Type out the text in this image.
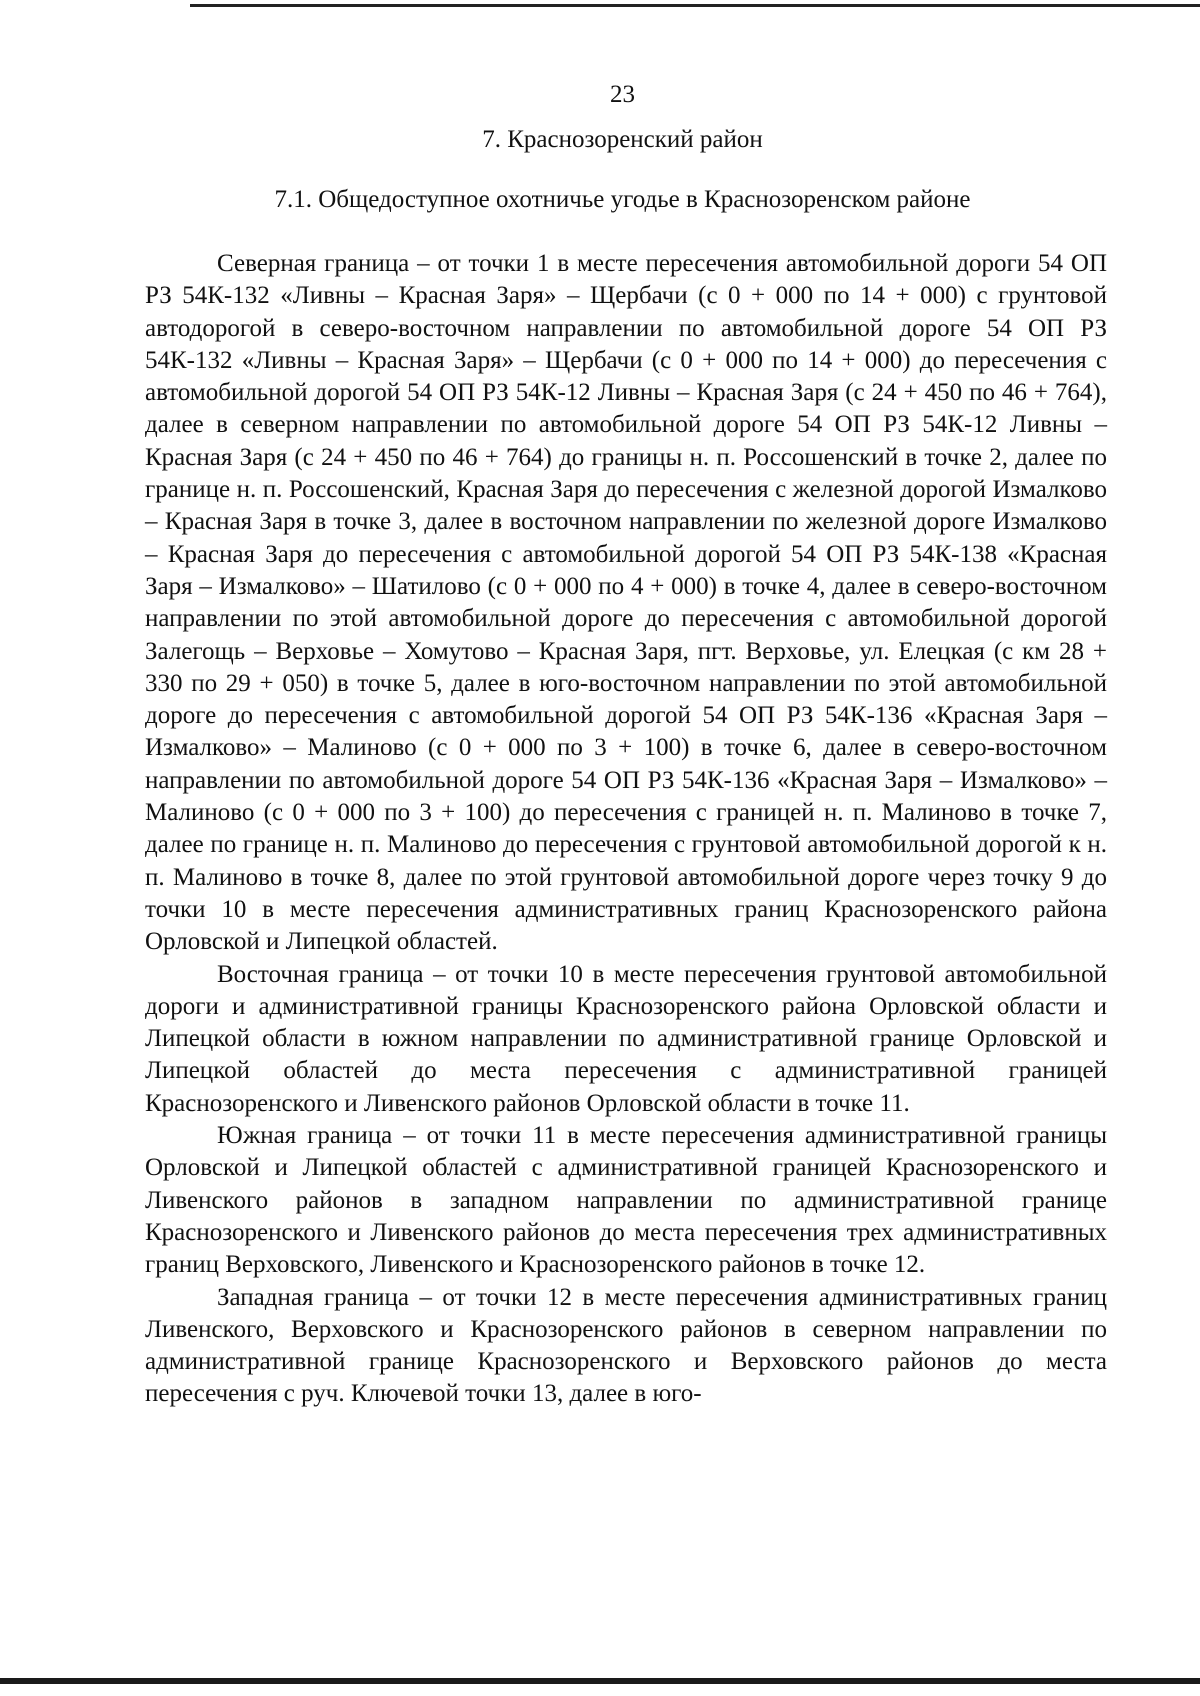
23
7. Краснозоренский район
7.1. Общедоступное охотничье угодье в Краснозоренском районе

Северная граница – от точки 1 в месте пересечения автомобильной дороги 54 ОП РЗ 54К-132 «Ливны – Красная Заря» – Щербачи (с 0 + 000 по 14 + 000) с грунтовой автодорогой в северо-восточном направлении по автомобильной дороге 54 ОП РЗ 54К-132 «Ливны – Красная Заря» – Щербачи (с 0 + 000 по 14 + 000) до пересечения с автомобильной дорогой 54 ОП РЗ 54К-12 Ливны – Красная Заря (с 24 + 450 по 46 + 764), далее в северном направлении по автомобильной дороге 54 ОП РЗ 54К-12 Ливны – Красная Заря (с 24 + 450 по 46 + 764) до границы н. п. Россошенский в точке 2, далее по границе н. п. Россошенский, Красная Заря до пересечения с железной дорогой Измалково – Красная Заря в точке 3, далее в восточном направлении по железной дороге Измалково – Красная Заря до пересечения с автомобильной дорогой 54 ОП РЗ 54К-138 «Красная Заря – Измалково» – Шатилово (с 0 + 000 по 4 + 000) в точке 4, далее в северо-восточном направлении по этой автомобильной дороге до пересечения с автомобильной дорогой Залегощь – Верховье – Хомутово – Красная Заря, пгт. Верховье, ул. Елецкая (с км 28 + 330 по 29 + 050) в точке 5, далее в юго-восточном направлении по этой автомобильной дороге до пересечения с автомобильной дорогой 54 ОП РЗ 54К-136 «Красная Заря – Измалково» – Малиново (с 0 + 000 по 3 + 100) в точке 6, далее в северо-восточном направлении по автомобильной дороге 54 ОП РЗ 54К-136 «Красная Заря – Измалково» – Малиново (с 0 + 000 по 3 + 100) до пересечения с границей н. п. Малиново в точке 7, далее по границе н. п. Малиново до пересечения с грунтовой автомобильной дорогой к н. п. Малиново в точке 8, далее по этой грунтовой автомобильной дороге через точку 9 до точки 10 в месте пересечения административных границ Краснозоренского района Орловской и Липецкой областей.

Восточная граница – от точки 10 в месте пересечения грунтовой автомобильной дороги и административной границы Краснозоренского района Орловской области и Липецкой области в южном направлении по административной границе Орловской и Липецкой областей до места пересечения с административной границей Краснозоренского и Ливенского районов Орловской области в точке 11.

Южная граница – от точки 11 в месте пересечения административной границы Орловской и Липецкой областей с административной границей Краснозоренского и Ливенского районов в западном направлении по административной границе Краснозоренского и Ливенского районов до места пересечения трех административных границ Верховского, Ливенского и Краснозоренского районов в точке 12.

Западная граница – от точки 12 в месте пересечения административных границ Ливенского, Верховского и Краснозоренского районов в северном направлении по административной границе Краснозоренского и Верховского районов до места пересечения с руч. Ключевой точки 13, далее в юго-
